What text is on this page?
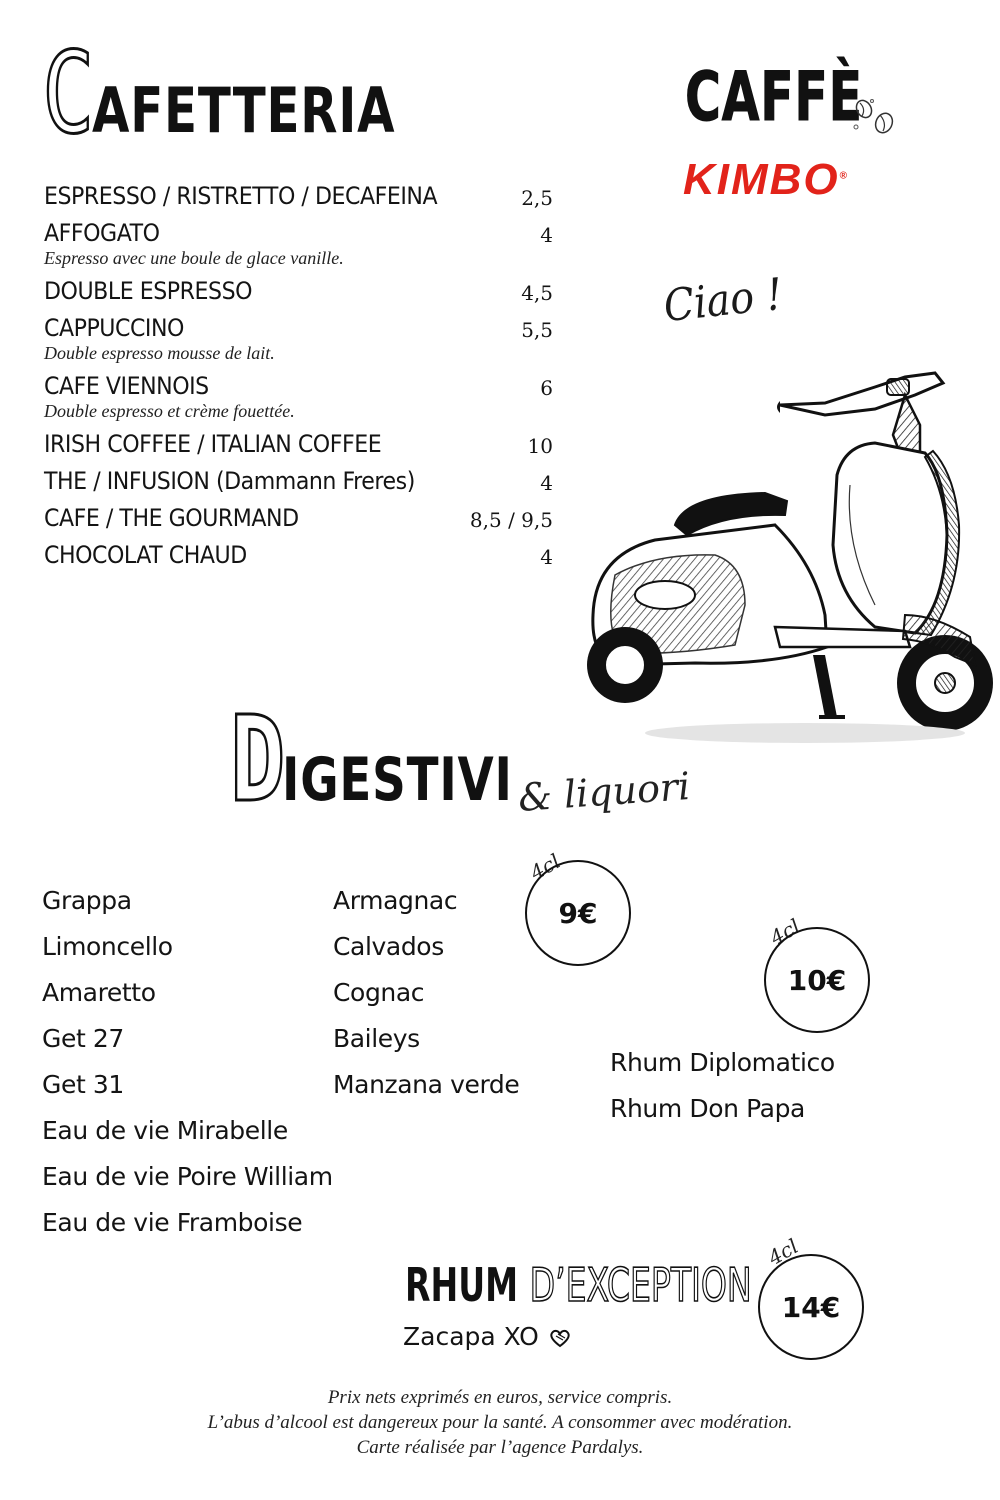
CAFETTERIA
ESPRESSO / RISTRETTO / DECAFEINA	2,5
AFFOGATO	4
Espresso avec une boule de glace vanille.
DOUBLE ESPRESSO	4,5
CAPPUCCINO	5,5
Double espresso mousse de lait.
CAFE VIENNOIS	6
Double espresso et crème fouettée.
IRISH COFFEE / ITALIAN COFFEE	10
THE / INFUSION (Dammann Freres)	4
CAFE / THE GOURMAND	8,5 / 9,5
CHOCOLAT CHAUD	4
CAFFÈ
KIMBO®
Ciao !
DIGESTIVI & liquori
Grappa
Limoncello
Amaretto
Get 27
Get 31
Eau de vie Mirabelle
Eau de vie Poire William
Eau de vie Framboise
Armagnac
Calvados
Cognac
Baileys
Manzana verde
4cl
9€
4cl
10€
Rhum Diplomatico
Rhum Don Papa
RHUM D’EXCEPTION
Zacapa XO
4cl
14€
Prix nets exprimés en euros, service compris.
L’abus d’alcool est dangereux pour la santé. A consommer avec modération.
Carte réalisée par l’agence Pardalys.
